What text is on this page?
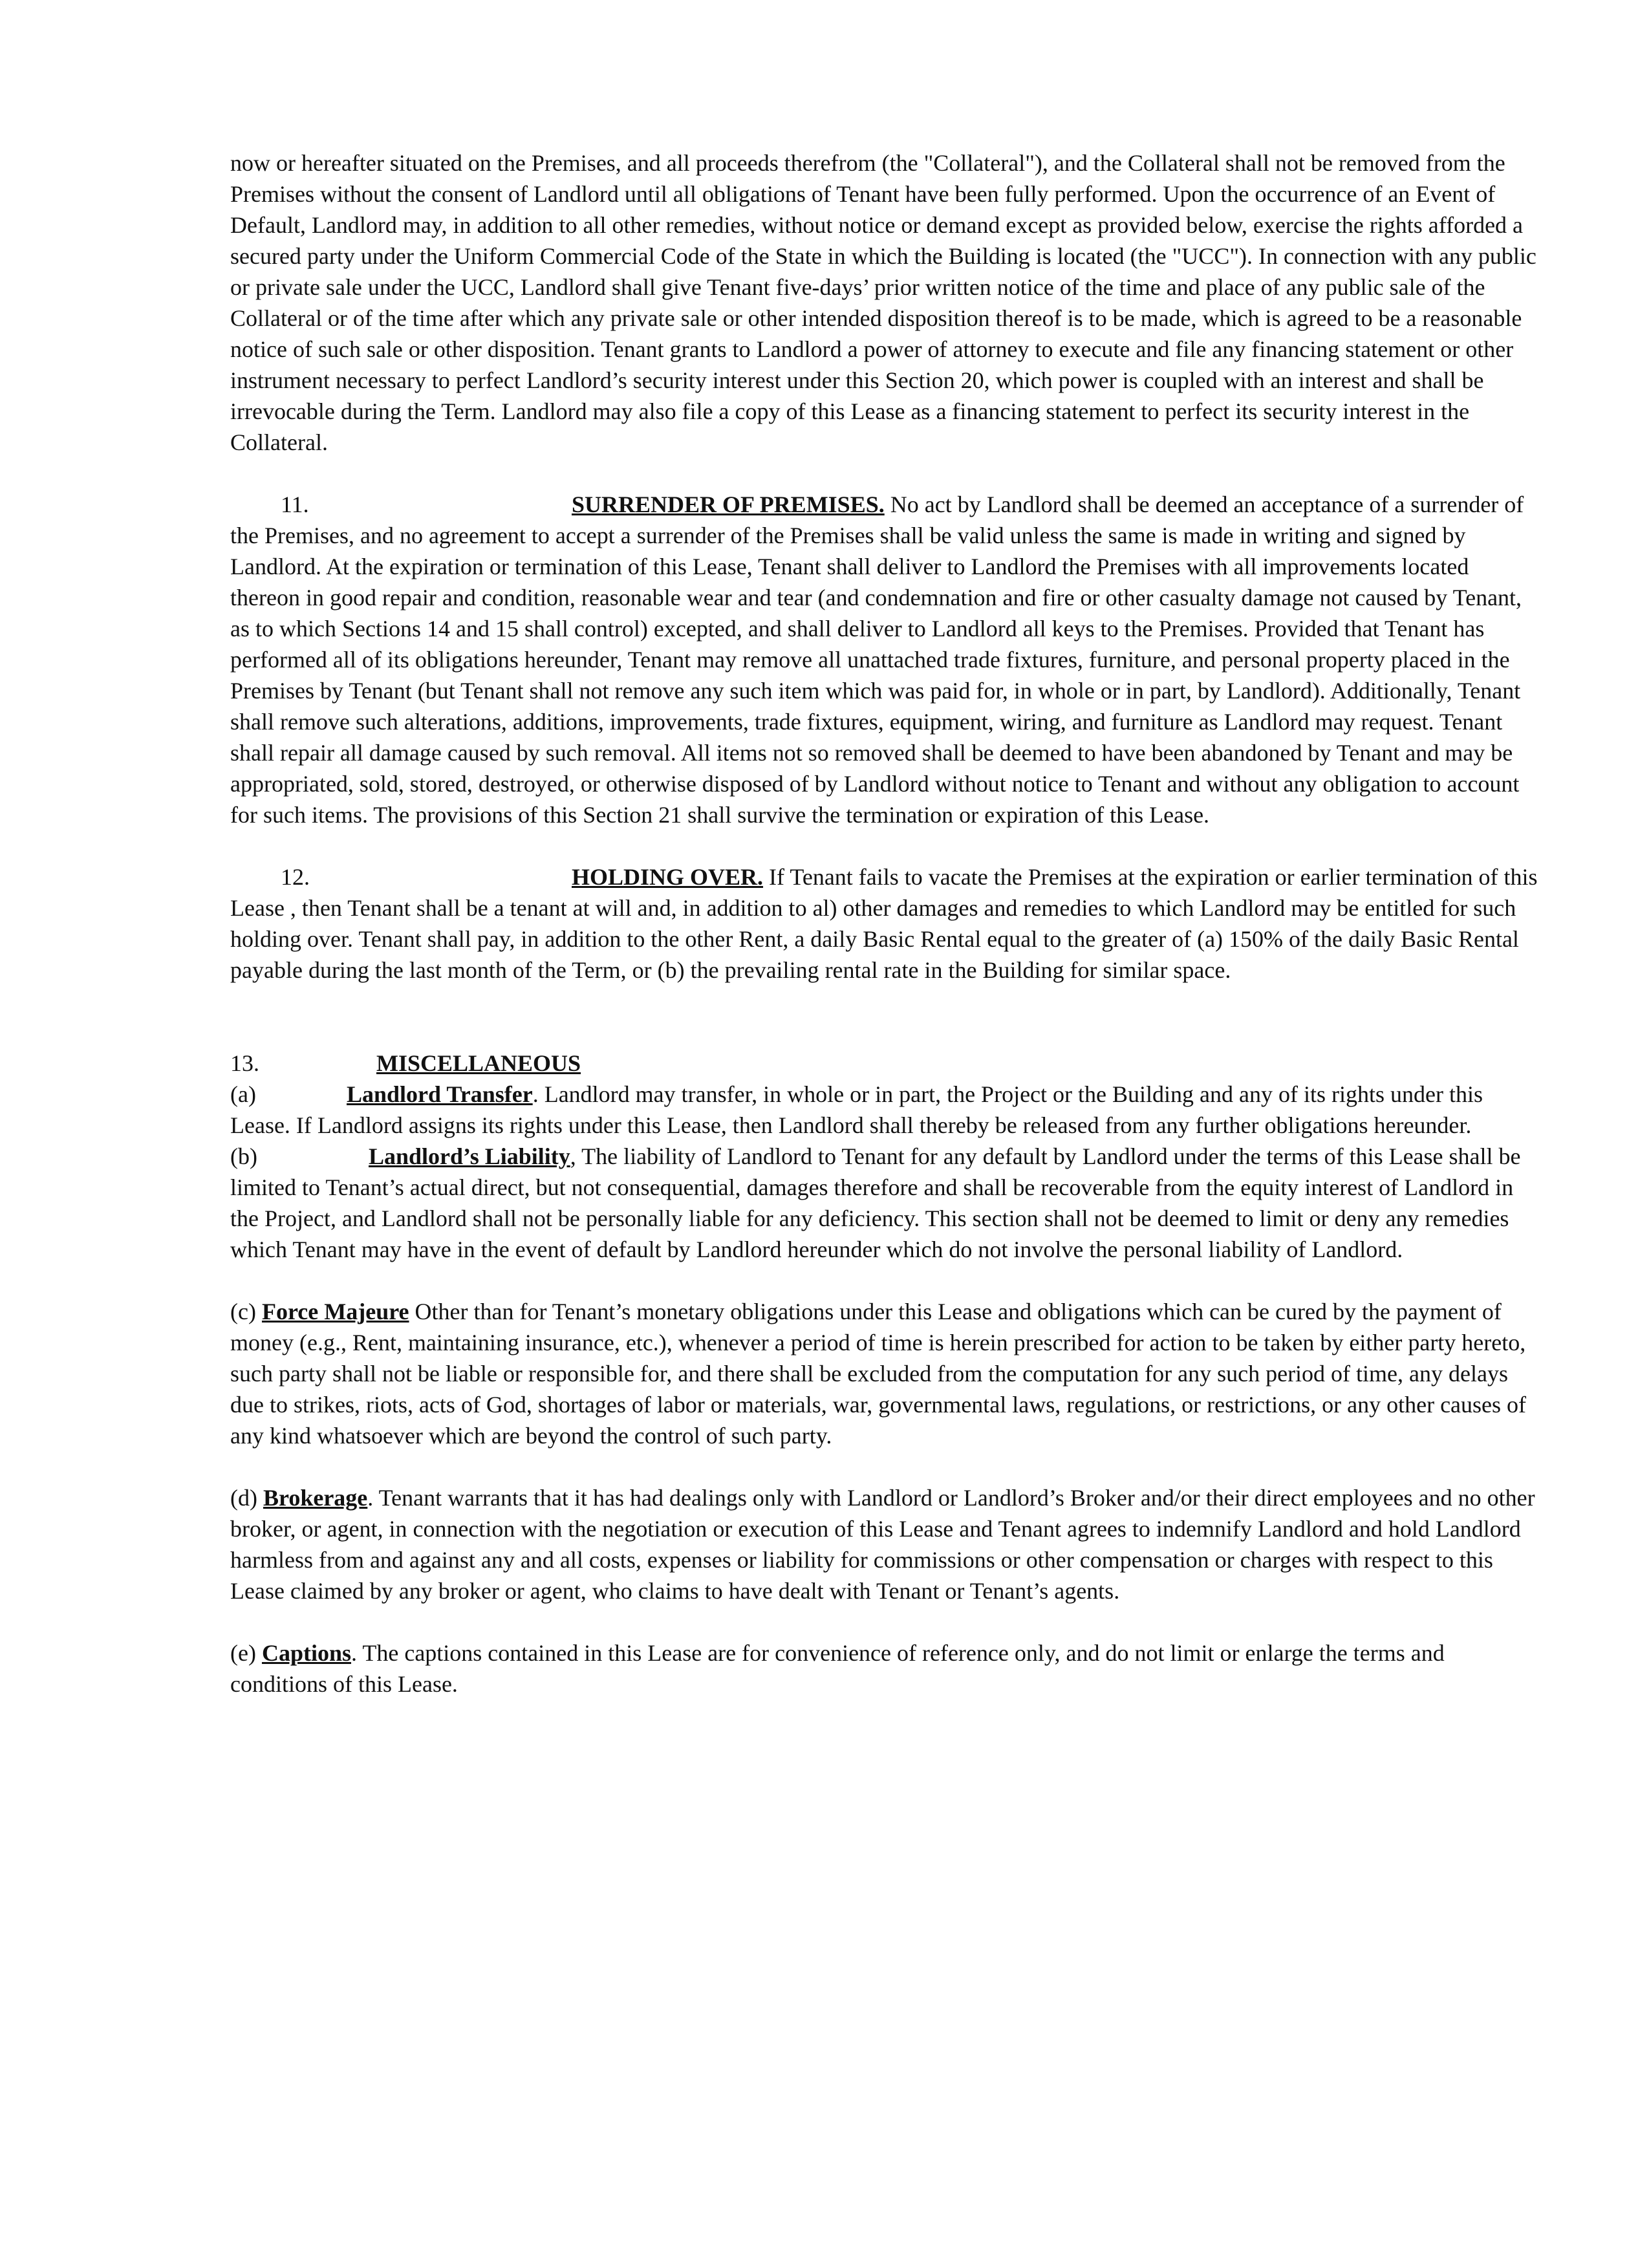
now or hereafter situated on the Premises, and all proceeds therefrom (the "Collateral"), and the Collateral shall not be removed from the Premises without the consent of Landlord until all obligations of Tenant have been fully performed. Upon the occurrence of an Event of Default, Landlord may, in addition to all other remedies, without notice or demand except as provided below, exercise the rights afforded a secured party under the Uniform Commercial Code of the State in which the Building is located (the "UCC"). In connection with any public or private sale under the UCC, Landlord shall give Tenant five-days’ prior written notice of the time and place of any public sale of the Collateral or of the time after which any private sale or other intended disposition thereof is to be made, which is agreed to be a reasonable notice of such sale or other disposition. Tenant grants to Landlord a power of attorney to execute and file any financing statement or other instrument necessary to perfect Landlord’s security interest under this Section 20, which power is coupled with an interest and shall be irrevocable during the Term. Landlord may also file a copy of this Lease as a financing statement to perfect its security interest in the Collateral.

11.	SURRENDER OF PREMISES. No act by Landlord shall be deemed an acceptance of a surrender of the Premises, and no agreement to accept a surrender of the Premises shall be valid unless the same is made in writing and signed by Landlord. At the expiration or termination of this Lease, Tenant shall deliver to Landlord the Premises with all improvements located thereon in good repair and condition, reasonable wear and tear (and condemnation and fire or other casualty damage not caused by Tenant, as to which Sections 14 and 15 shall control) excepted, and shall deliver to Landlord all keys to the Premises. Provided that Tenant has performed all of its obligations hereunder, Tenant may remove all unattached trade fixtures, furniture, and personal property placed in the Premises by Tenant (but Tenant shall not remove any such item which was paid for, in whole or in part, by Landlord). Additionally, Tenant shall remove such alterations, additions, improvements, trade fixtures, equipment, wiring, and furniture as Landlord may request. Tenant shall repair all damage caused by such removal. All items not so removed shall be deemed to have been abandoned by Tenant and may be appropriated, sold, stored, destroyed, or otherwise disposed of by Landlord without notice to Tenant and without any obligation to account for such items. The provisions of this Section 21 shall survive the termination or expiration of this Lease.

12.	HOLDING OVER. If Tenant fails to vacate the Premises at the expiration or earlier termination of this Lease , then Tenant shall be a tenant at will and, in addition to al) other damages and remedies to which Landlord may be entitled for such holding over. Tenant shall pay, in addition to the other Rent, a daily Basic Rental equal to the greater of (a) 150% of the daily Basic Rental payable during the last month of the Term, or (b) the prevailing rental rate in the Building for similar space.

13.	MISCELLANEOUS

(a)	Landlord Transfer. Landlord may transfer, in whole or in part, the Project or the Building and any of its rights under this Lease. If Landlord assigns its rights under this Lease, then Landlord shall thereby be released from any further obligations hereunder.

(b)	Landlord’s Liability, The liability of Landlord to Tenant for any default by Landlord under the terms of this Lease shall be limited to Tenant’s actual direct, but not consequential, damages therefore and shall be recoverable from the equity interest of Landlord in the Project, and Landlord shall not be personally liable for any deficiency. This section shall not be deemed to limit or deny any remedies which Tenant may have in the event of default by Landlord hereunder which do not involve the personal liability of Landlord.

(c) Force Majeure Other than for Tenant’s monetary obligations under this Lease and obligations which can be cured by the payment of money (e.g., Rent, maintaining insurance, etc.), whenever a period of time is herein prescribed for action to be taken by either party hereto, such party shall not be liable or responsible for, and there shall be excluded from the computation for any such period of time, any delays due to strikes, riots, acts of God, shortages of labor or materials, war, governmental laws, regulations, or restrictions, or any other causes of any kind whatsoever which are beyond the control of such party.

(d) Brokerage. Tenant warrants that it has had dealings only with Landlord or Landlord’s Broker and/or their direct employees and no other broker, or agent, in connection with the negotiation or execution of this Lease and Tenant agrees to indemnify Landlord and hold Landlord harmless from and against any and all costs, expenses or liability for commissions or other compensation or charges with respect to this Lease claimed by any broker or agent, who claims to have dealt with Tenant or Tenant’s agents.

(e) Captions. The captions contained in this Lease are for convenience of reference only, and do not limit or enlarge the terms and conditions of this Lease.
